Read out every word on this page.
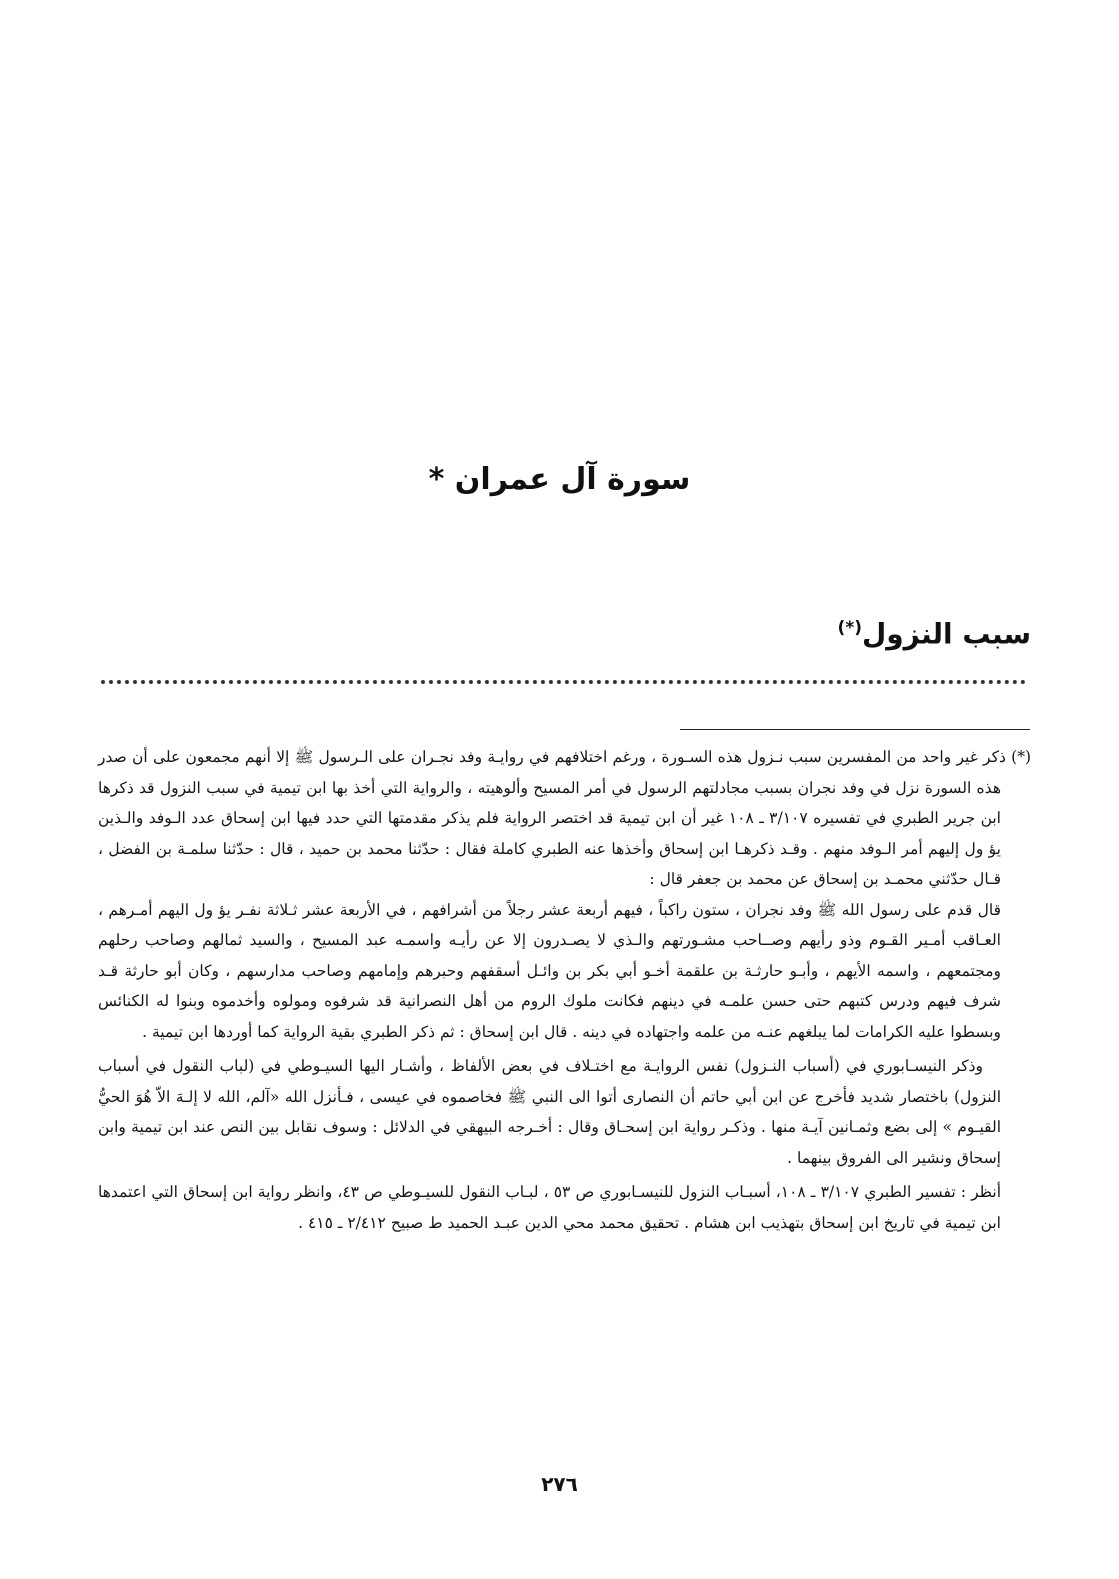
سورة آل عمران *
سبب النزول(*)

(*) ذكر غير واحد من المفسرين سبب نـزول هذه السـورة ، ورغم اختلافهم في روايـة وفد نجـران على الـرسول ﷺ إلا أنهم مجمعون على أن صدر هذه السورة نزل في وفد نجران بسبب مجادلتهم الرسول في أمر المسيح وألوهيته ، والرواية التي أخذ بها ابن تيمية في سبب النزول قد ذكرها ابن جرير الطبري في تفسيره ٣/١٠٧ ـ ١٠٨ غير أن ابن تيمية قد اختصر الرواية فلم يذكر مقدمتها التي حدد فيها ابن إسحاق عدد الـوفد والـذين يؤ ول إليهم أمر الـوفد منهم . وقـد ذكرهـا ابن إسحاق وأخذها عنه الطبري كاملة فقال : حدّثنا محمد بن حميد ، قال : حدّثنا سلمـة بن الفضل ، قـال حدّثني محمـد بن إسحاق عن محمد بن جعفر قال :

قال قدم على رسول الله ﷺ وفد نجران ، ستون راكباً ، فيهم أربعة عشر رجلاً من أشرافهم ، في الأربعة عشر ثـلاثة نفـر يؤ ول اليهم أمـرهم ، العـاقب أمـير القـوم وذو رأيهم وصــاحب مشـورتهم والـذي لا يصـدرون إلا عن رأيـه واسمـه عبد المسيح ، والسيد ثمالهم وصاحب رحلهم ومجتمعهم ، واسمه الأيهم ، وأبـو حارثـة بن علقمة أخـو أبي بكر بن وائـل أسقفهم وحبرهم وإمامهم وصاحب مدارسهم ، وكان أبو حارثة قـد شرف فيهم ودرس كتبهم حتى حسن علمـه في دينهم فكانت ملوك الروم من أهل النصرانية قد شرفوه ومولوه وأخدموه وبنوا له الكنائس وبسطوا عليه الكرامات لما يبلغهم عنـه من علمه واجتهاده في دينه . قال ابن إسحاق : ثم ذكر الطبري بقية الرواية كما أوردها ابن تيمية .

وذكر النيسـابوري في (أسباب النـزول) نفس الروايـة مع اختـلاف في بعض الألفاظ ، وأشـار اليها السيـوطي في (لباب النقول في أسباب النزول) باختصار شديد فأخرج عن ابن أبي حاتم أن النصارى أتوا الى النبي ﷺ فخاصموه في عيسى ، فـأنزل الله «آلم، الله لا إلـهَ الاّ هُوَ الحيُّ القيـوم » إلى بضع وثمـانين آيـة منها . وذكـر رواية ابن إسحـاق وقال : أخـرجه البيهقي في الدلائل : وسوف نقابل بين النص عند ابن تيمية وابن إسحاق ونشير الى الفروق بينهما .

أنظر : تفسير الطبري ٣/١٠٧ ـ ١٠٨، أسبـاب النزول للنيسـابوري ص ٥٣ ، لبـاب النقول للسيـوطي ص ٤٣، وانظر رواية ابن إسحاق التي اعتمدها ابن تيمية في تاريخ ابن إسحاق بتهذيب ابن هشام . تحقيق محمد محي الدين عبـد الحميد ط صبيح ٢/٤١٢ ـ ٤١٥ .

٢٧٦
